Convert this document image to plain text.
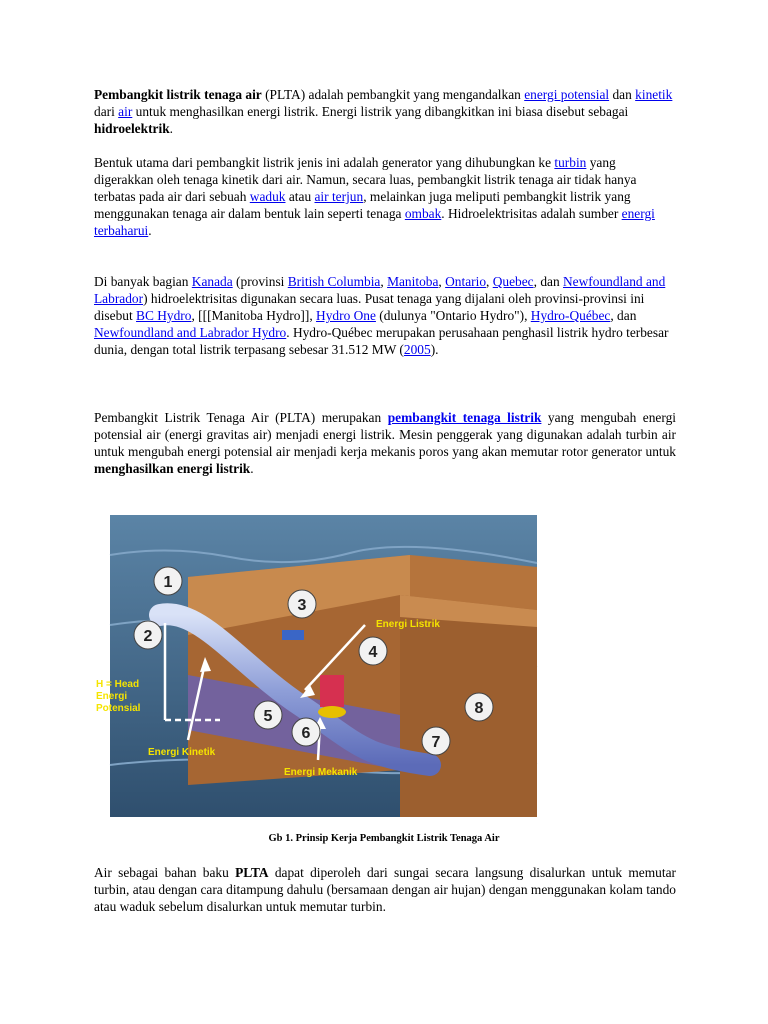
Pembangkit listrik tenaga air (PLTA) adalah pembangkit yang mengandalkan energi potensial dan kinetik dari air untuk menghasilkan energi listrik. Energi listrik yang dibangkitkan ini biasa disebut sebagai hidroelektrik.

Bentuk utama dari pembangkit listrik jenis ini adalah generator yang dihubungkan ke turbin yang digerakkan oleh tenaga kinetik dari air. Namun, secara luas, pembangkit listrik tenaga air tidak hanya terbatas pada air dari sebuah waduk atau air terjun, melainkan juga meliputi pembangkit listrik yang menggunakan tenaga air dalam bentuk lain seperti tenaga ombak. Hidroelektrisitas adalah sumber energi terbaharui.

Di banyak bagian Kanada (provinsi British Columbia, Manitoba, Ontario, Quebec, dan Newfoundland and Labrador) hidroelektrisitas digunakan secara luas. Pusat tenaga yang dijalani oleh provinsi-provinsi ini disebut BC Hydro, [[[Manitoba Hydro]], Hydro One (dulunya "Ontario Hydro"), Hydro-Québec, dan Newfoundland and Labrador Hydro. Hydro-Québec merupakan perusahaan penghasil listrik hydro terbesar dunia, dengan total listrik terpasang sebesar 31.512 MW (2005).

Pembangkit Listrik Tenaga Air (PLTA) merupakan pembangkit tenaga listrik yang mengubah energi potensial air (energi gravitas air) menjadi energi listrik. Mesin penggerak yang digunakan adalah turbin air untuk mengubah energi potensial air menjadi kerja mekanis poros yang akan memutar rotor generator untuk menghasilkan energi listrik.

1
2
3
4
5
6
7
8
Energi Listrik
H = Head
Energi
Potensial
Energi Kinetik
Energi Mekanik
Gb 1. Prinsip Kerja Pembangkit Listrik Tenaga Air

Air sebagai bahan baku PLTA dapat diperoleh dari sungai secara langsung disalurkan untuk memutar turbin, atau dengan cara ditampung dahulu (bersamaan dengan air hujan) dengan menggunakan kolam tando atau waduk sebelum disalurkan untuk memutar turbin.
